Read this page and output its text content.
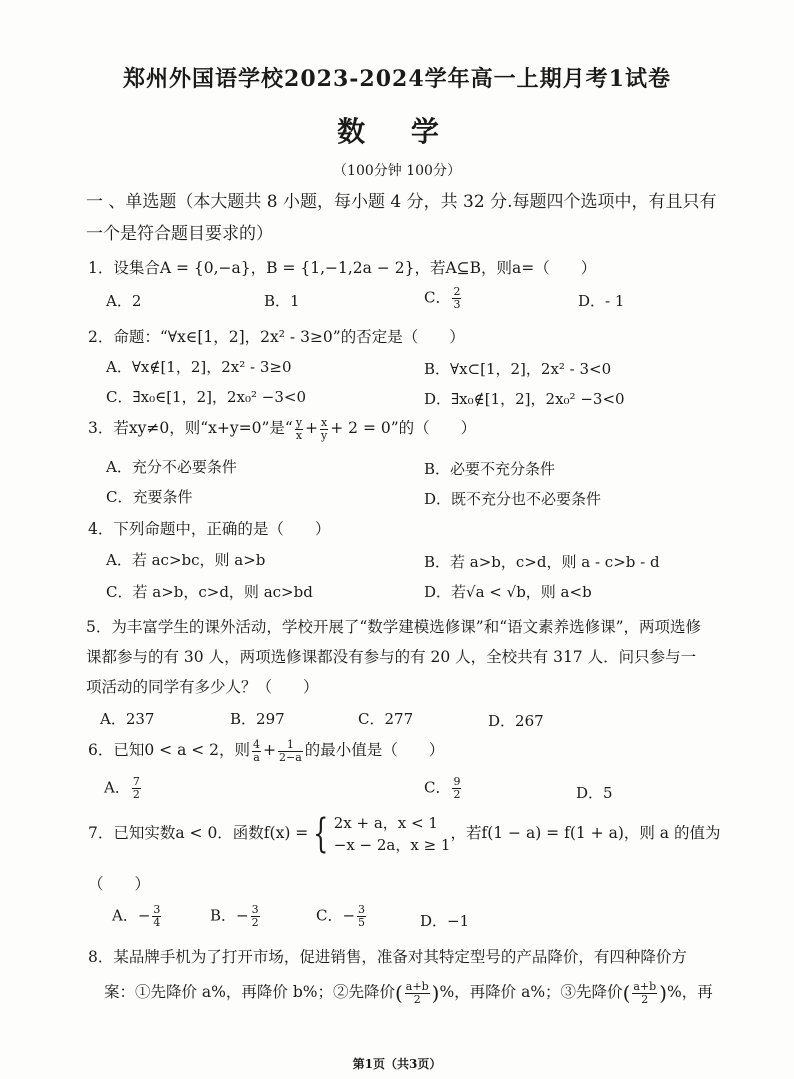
郑州外国语学校2023-2024学年高一上期月考1试卷
数 学
（100分钟 100分）
一 、单选题（本大题共 8 小题，每小题 4 分，共 32 分.每题四个选项中，有且只有一个是符合题目要求的）
1．设集合A = {0,−a}，B = {1,−1,2a − 2}，若A⊆B，则a=（　　）
A．2	B．1	C． $\frac{2}{3}$	D．- 1
2．命题：“∀x∈[1，2]，2x² - 3≥0”的否定是（　　）
A．∀x∉[1，2]，2x² - 3≥0	B．∀x⊂[1，2]，2x² - 3<0
C．∃x₀∈[1，2]，2x₀² −3<0	D．∃x₀∉[1，2]，2x₀² −3<0
3．若xy≠0，则“x+y=0”是“ $\frac{y}{x} + \frac{x}{y} + 2 = 0$”的（　　）
A．充分不必要条件	B．必要不充分条件
C．充要条件	D．既不充分也不必要条件
4．下列命题中，正确的是（　　）
A．若 ac>bc，则 a>b	B．若 a>b，c>d，则 a - c>b - d
C．若 a>b，c>d，则 ac>bd	D．若√a < √b，则 a<b
5．为丰富学生的课外活动，学校开展了“数学建模选修课”和“语文素养选修课”，两项选修课都参与的有 30 人，两项选修课都没有参与的有 20 人，全校共有 317 人．问只参与一项活动的同学有多少人？（　　）
A．237	B．297	C．277	D．267
6．已知0 < a < 2，则 $\frac{4}{a} + \frac{1}{2-a}$ 的最小值是（　　）
A． $\frac{7}{2}$	C． $\frac{9}{2}$	D．5
7．已知实数a < 0．函数f(x) = { 2x + a，x < 1
−x − 2a，x ≥ 1
，若f(1 − a) = f(1 + a)，则 a 的值为
（　　）
A．− $\frac{3}{4}$	B．− $\frac{3}{2}$	C．− $\frac{3}{5}$	D．−1
8．某品牌手机为了打开市场，促进销售，准备对其特定型号的产品降价，有四种降价方
案：①先降价 a%，再降价 b%；②先降价( $\frac{a+b}{2}$ )%，再降价 a%；③先降价( $\frac{a+b}{2}$ )%，再
第1页（共3页）
